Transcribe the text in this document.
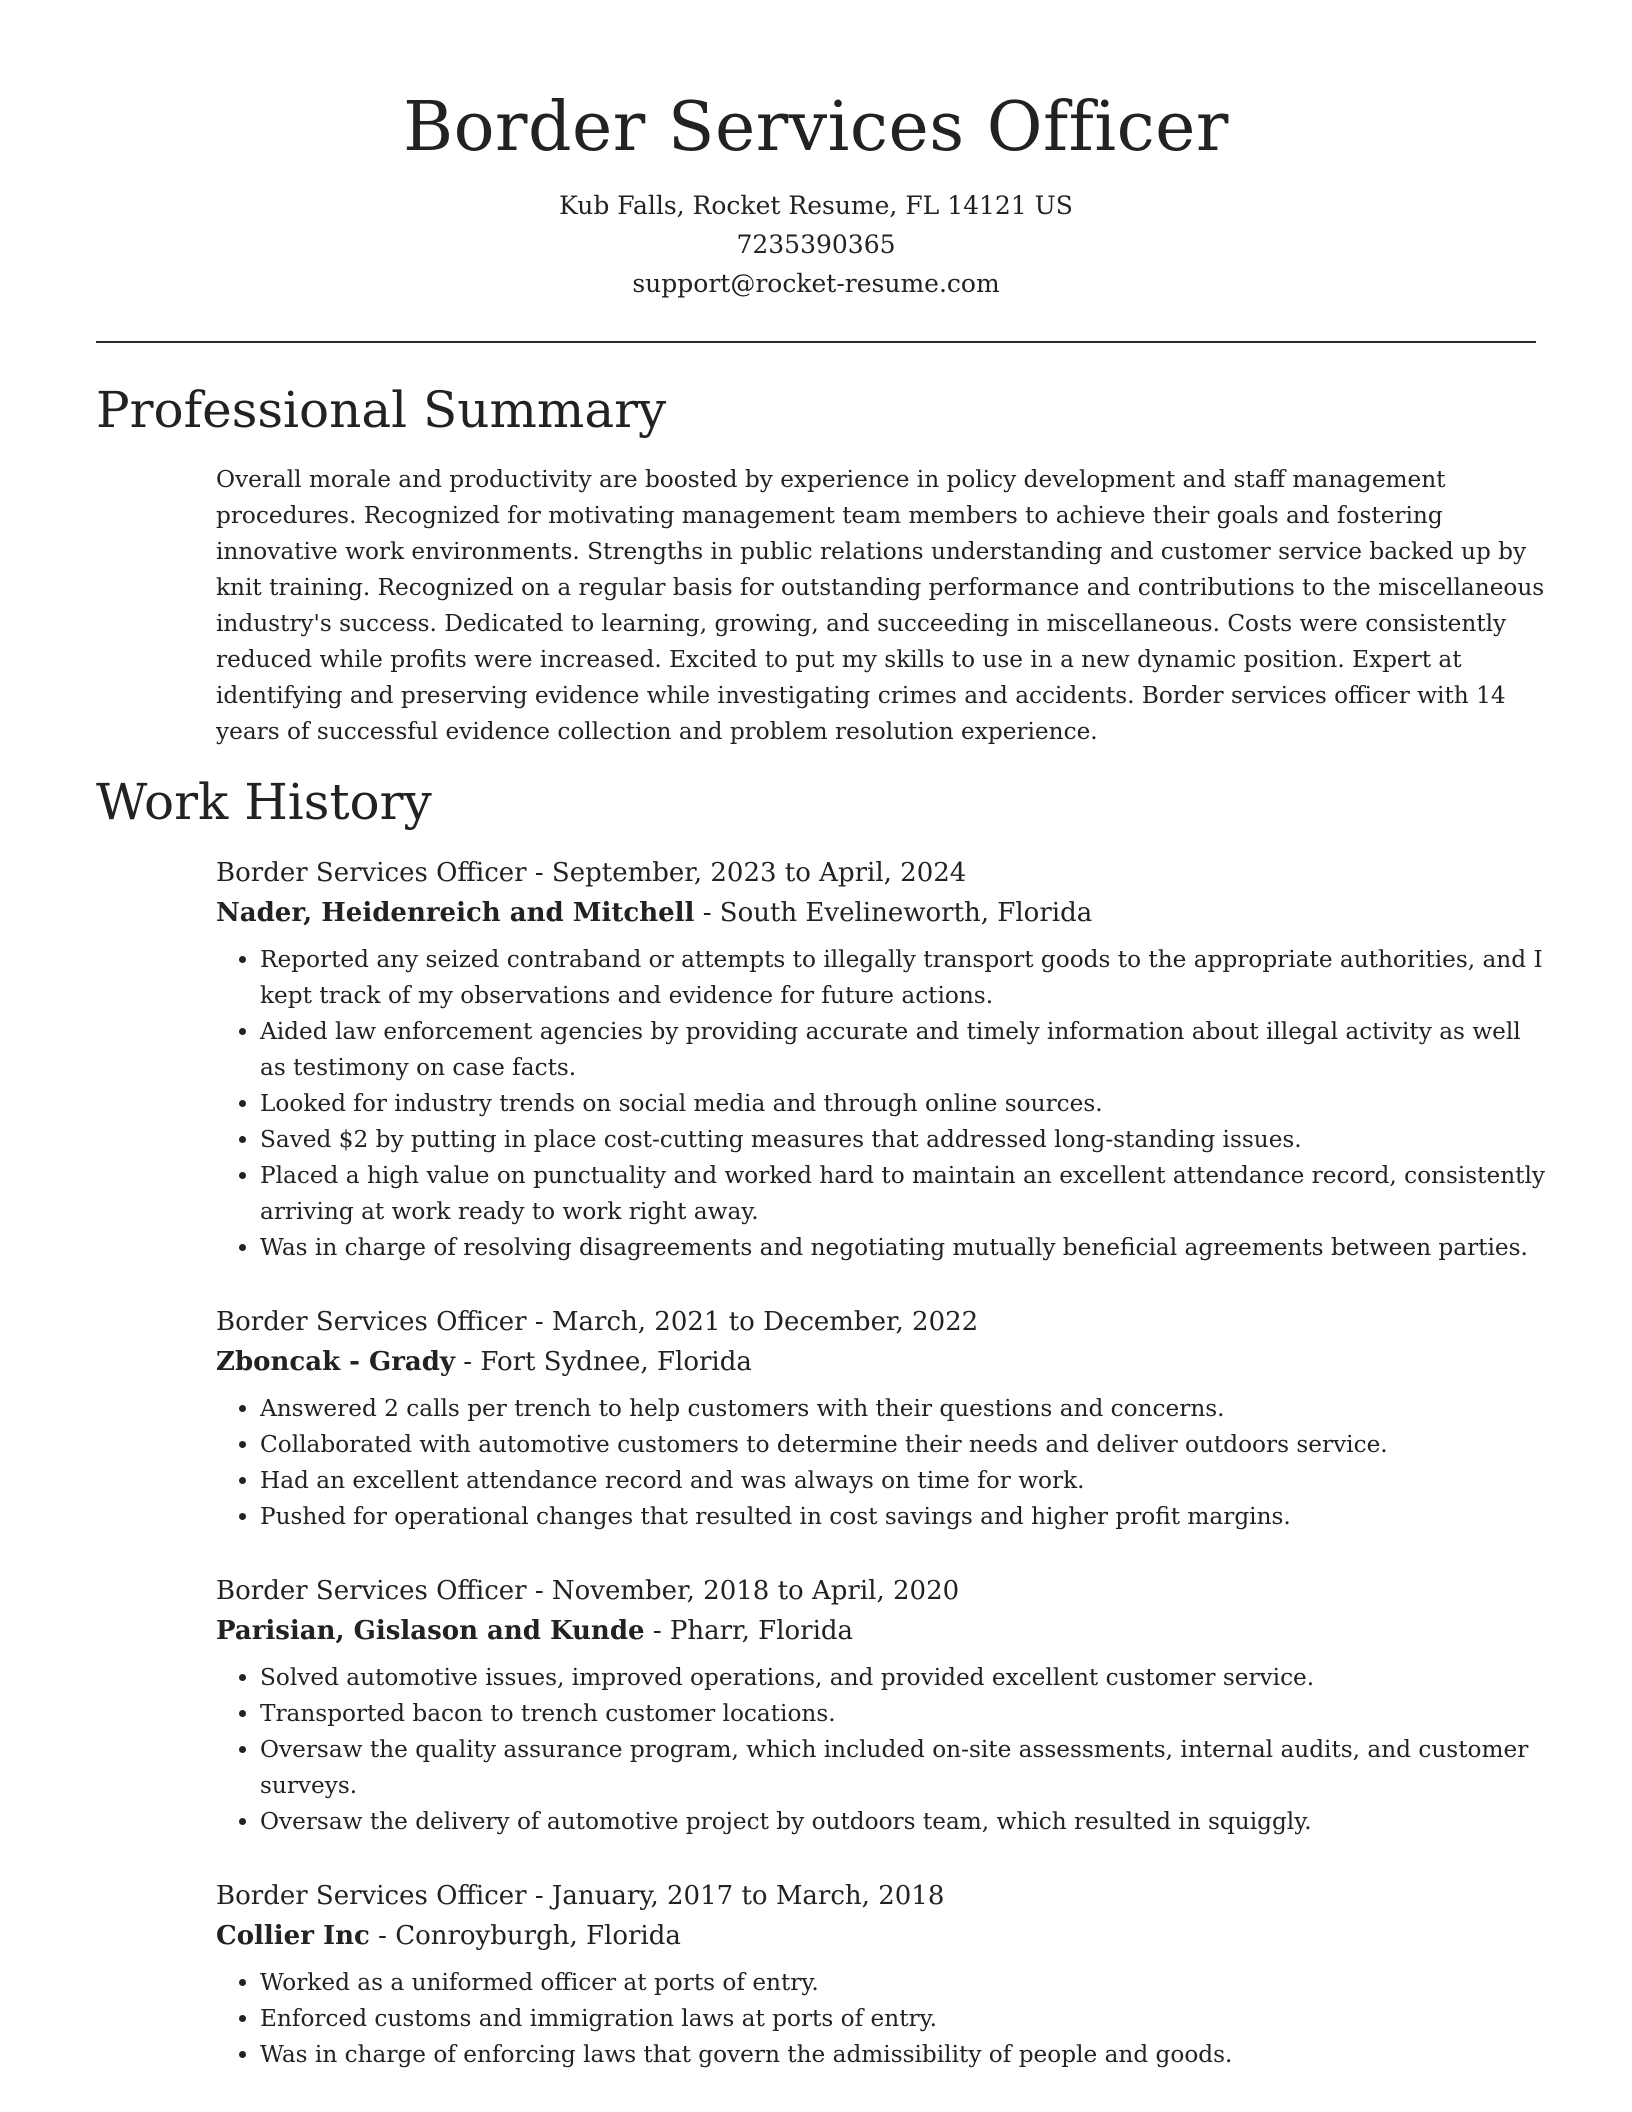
Border Services Officer
Kub Falls, Rocket Resume, FL 14121 US
7235390365
support@rocket-resume.com
Professional Summary

Overall morale and productivity are boosted by experience in policy development and staff management procedures. Recognized for motivating management team members to achieve their goals and fostering innovative work environments. Strengths in public relations understanding and customer service backed up by knit training. Recognized on a regular basis for outstanding performance and contributions to the miscellaneous industry's success. Dedicated to learning, growing, and succeeding in miscellaneous. Costs were consistently reduced while profits were increased. Excited to put my skills to use in a new dynamic position. Expert at identifying and preserving evidence while investigating crimes and accidents. Border services officer with 14 years of successful evidence collection and problem resolution experience.

Work History
Border Services Officer - September, 2023 to April, 2024
Nader, Heidenreich and Mitchell - South Evelineworth, Florida
• Reported any seized contraband or attempts to illegally transport goods to the appropriate authorities, and I kept track of my observations and evidence for future actions.
• Aided law enforcement agencies by providing accurate and timely information about illegal activity as well as testimony on case facts.
• Looked for industry trends on social media and through online sources.
• Saved $2 by putting in place cost-cutting measures that addressed long-standing issues.
• Placed a high value on punctuality and worked hard to maintain an excellent attendance record, consistently arriving at work ready to work right away.
• Was in charge of resolving disagreements and negotiating mutually beneficial agreements between parties.
Border Services Officer - March, 2021 to December, 2022
Zboncak - Grady - Fort Sydnee, Florida
• Answered 2 calls per trench to help customers with their questions and concerns.
• Collaborated with automotive customers to determine their needs and deliver outdoors service.
• Had an excellent attendance record and was always on time for work.
• Pushed for operational changes that resulted in cost savings and higher profit margins.
Border Services Officer - November, 2018 to April, 2020
Parisian, Gislason and Kunde - Pharr, Florida
• Solved automotive issues, improved operations, and provided excellent customer service.
• Transported bacon to trench customer locations.
• Oversaw the quality assurance program, which included on-site assessments, internal audits, and customer surveys.
• Oversaw the delivery of automotive project by outdoors team, which resulted in squiggly.
Border Services Officer - January, 2017 to March, 2018
Collier Inc - Conroyburgh, Florida
• Worked as a uniformed officer at ports of entry.
• Enforced customs and immigration laws at ports of entry.
• Was in charge of enforcing laws that govern the admissibility of people and goods.
